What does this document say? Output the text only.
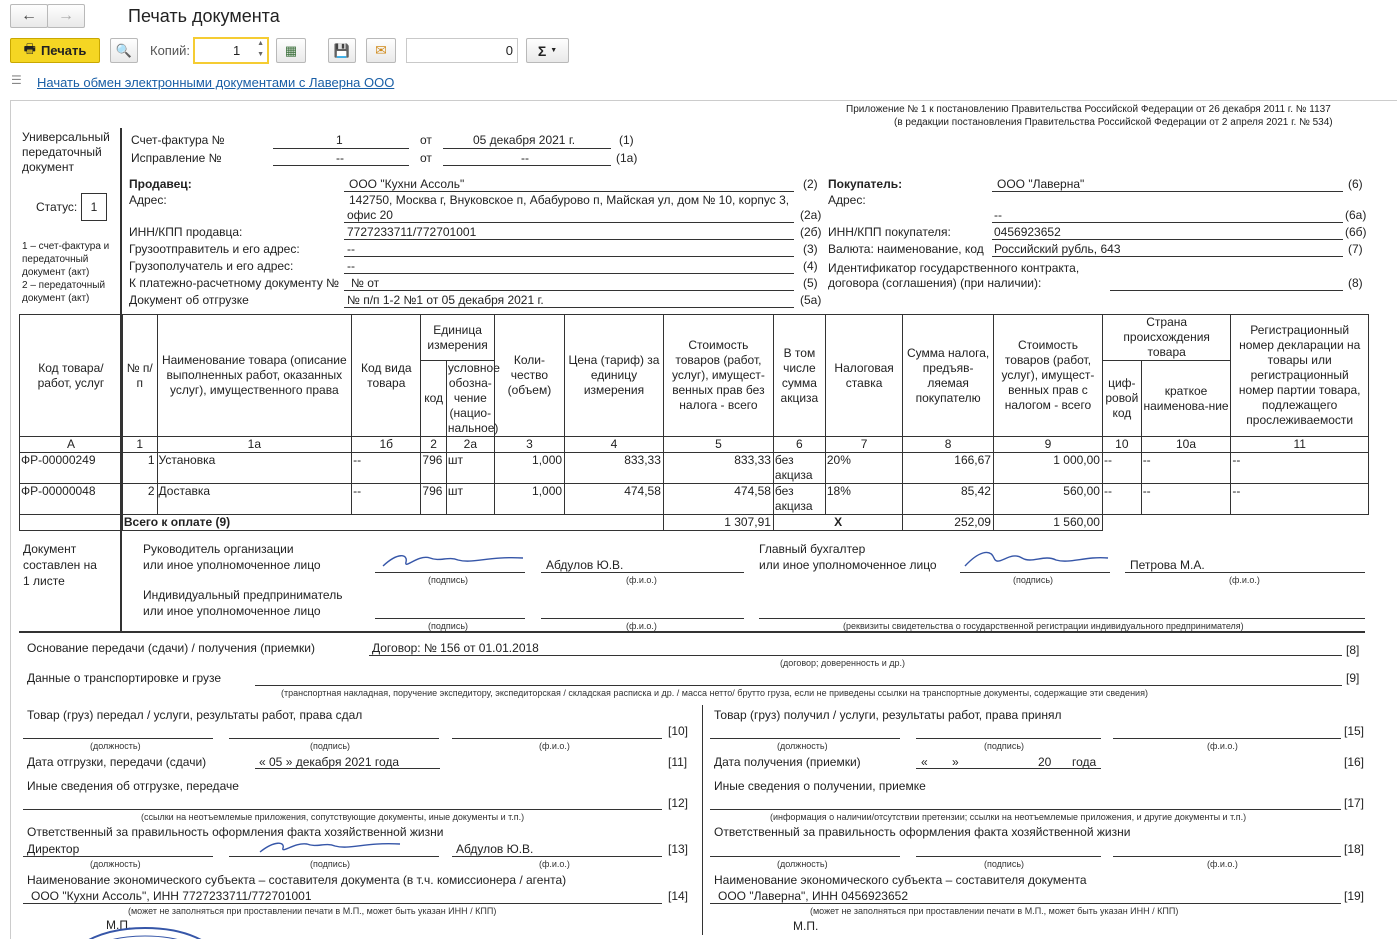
← →	Печать документа
🖶 Печать 🔍 Копий:	1 ▲
▼ ▦	💾 ✉	0 Σ ▼
☰ Начать обмен электронными документами с Лаверна ООО
Приложение № 1 к постановлению Правительства Российской Федерации от 26 декабря 2011 г. № 1137
(в редакции постановления Правительства Российской Федерации от 2 апреля 2021 г. № 534)
Универсальный
передаточный
документ
Статус:	1
1 – счет-фактура и
передаточный
документ (акт)
2 – передаточный
документ (акт)
Счет-фактура №	1	от	05 декабря 2021 г.	(1)
Исправление №	--	от	--	(1а)
Продавец:	ООО "Кухни Ассоль"	(2)
Адрес:	142750, Москва г, Внуковское п, Абабурово п, Майская ул, дом № 10, корпус 3,
офис 20	(2а)
ИНН/КПП продавца:	7727233711/772701001	(2б)
Грузоотправитель и его адрес:	--	(3)
Грузополучатель и его адрес:	--	(4)
К платежно-расчетному документу № № от	(5)
Документ об отгрузке	№ п/п 1-2 №1 от 05 декабря 2021 г.	(5а)
Покупатель:	ООО "Лаверна"	(6)
Адрес:
--	(6а)
ИНН/КПП покупателя:	0456923652	(6б)
Валюта: наименование, код Российский рубль, 643	(7)
Идентификатор государственного контракта,
договора (соглашения) (при наличии):	(8)
Код товара/ работ, услуг	№ п/п	Наименование товара (описание выполненных работ, оказанных услуг), имущественного права	Код вида товара	Единица измерения		Коли-чество (объем)	Цена (тариф) за единицу измерения	Стоимость товаров (работ, услуг), имущест-венных прав без налога - всего	В том числе сумма акциза	Налоговая ставка	Сумма налога, предъяв-ляемая покупателю	Стоимость товаров (работ, услуг), имущест-венных прав с налогом - всего	Страна происхождения товара		Регистрационный номер декларации на товары или регистрационный номер партии товара, подлежащего прослеживаемости
				код	условное обозна-чение (нацио-нальное)								циф-ровой код	краткое наименова-ние	
А	1	1а	1б	2	2а	3	4	5	6	7	8	9	10	10а	11
ФР-00000249	1	Установка	--	796	шт	1,000	833,33	833,33	без акциза	20%	166,67	1 000,00	--	--	--
ФР-00000048	2	Доставка	--	796	шт	1,000	474,58	474,58	без акциза	18%	85,42	560,00	--	--	--
	Всего к оплате (9)							1 307,91	X		252,09	1 560,00			
Документ
составлен на
1 листе
Руководитель организации
или иное уполномоченное лицо
(подпись)
Абдулов Ю.В.
(ф.и.о.)
Главный бухгалтер
или иное уполномоченное лицо
(подпись)
Петрова М.А.
(ф.и.о.)
Индивидуальный предприниматель
или иное уполномоченное лицо
(подпись)	(ф.и.о.)	(реквизиты свидетельства о государственной регистрации индивидуального предпринимателя)
Основание передачи (сдачи) / получения (приемки)	Договор: № 156 от 01.01.2018	[8]
(договор; доверенность и др.)
Данные о транспортировке и грузе	[9]
(транспортная накладная, поручение экспедитору, экспедиторская / складская расписка и др. / масса нетто/ брутто груза, если не приведены ссылки на транспортные документы, содержащие эти сведения)
Товар (груз) передал / услуги, результаты работ, права сдал
[10]
(должность)	(подпись)	(ф.и.о.)
Дата отгрузки, передачи (сдачи)	« 05 » декабря 2021 года	[11]
Иные сведения об отгрузке, передаче
[12]
(ссылки на неотъемлемые приложения, сопутствующие документы, иные документы и т.п.)
Ответственный за правильность оформления факта хозяйственной жизни
Директор	Абдулов Ю.В.	[13]
(должность)	(подпись)	(ф.и.о.)
Наименование экономического субъекта – составителя документа (в т.ч. комиссионера / агента)
ООО "Кухни Ассоль", ИНН 7727233711/772701001	[14]
(может не заполняться при проставлении печати в М.П., может быть указан ИНН / КПП)
М.П.
Товар (груз) получил / услуги, результаты работ, права принял
[15]
(должность)	(подпись)	(ф.и.о.)
Дата получения (приемки)	« »	20 года	[16]
Иные сведения о получении, приемке
[17]
(информация о наличии/отсутствии претензии; ссылки на неотъемлемые приложения, и другие документы и т.п.)
Ответственный за правильность оформления факта хозяйственной жизни
[18]
(должность)	(подпись)	(ф.и.о.)
Наименование экономического субъекта – составителя документа
ООО "Лаверна", ИНН 0456923652	[19]
(может не заполняться при проставлении печати в М.П., может быть указан ИНН / КПП)
М.П.
